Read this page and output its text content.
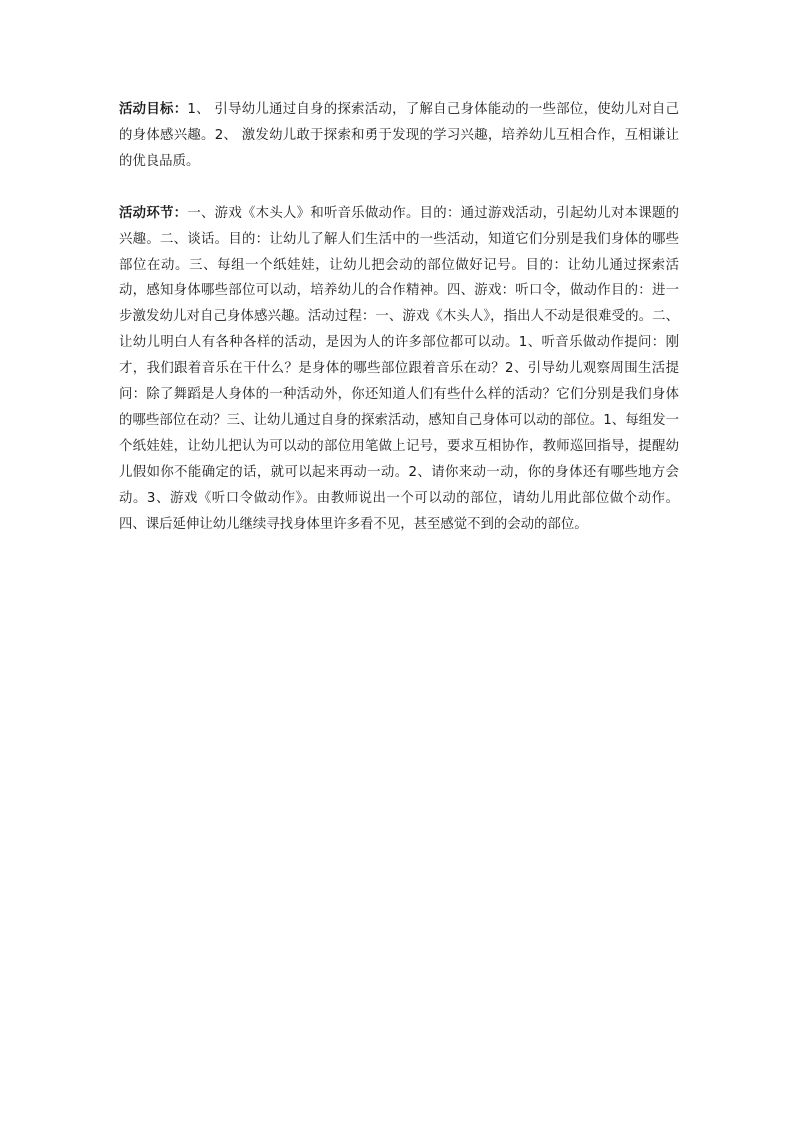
活动目标：1、 引导幼儿通过自身的探索活动，了解自己身体能动的一些部位，使幼儿对自己的身体感兴趣。2、 激发幼儿敢于探索和勇于发现的学习兴趣，培养幼儿互相合作，互相谦让的优良品质。

活动环节：一、游戏《木头人》和听音乐做动作。目的：通过游戏活动，引起幼儿对本课题的兴趣。二、谈话。目的：让幼儿了解人们生活中的一些活动，知道它们分别是我们身体的哪些部位在动。三、每组一个纸娃娃，让幼儿把会动的部位做好记号。目的：让幼儿通过探索活动，感知身体哪些部位可以动，培养幼儿的合作精神。四、游戏：听口令，做动作目的：进一步激发幼儿对自己身体感兴趣。活动过程：一、游戏《木头人》，指出人不动是很难受的。二、让幼儿明白人有各种各样的活动，是因为人的许多部位都可以动。1、听音乐做动作提问：刚才，我们跟着音乐在干什么？是身体的哪些部位跟着音乐在动？2、引导幼儿观察周围生活提问：除了舞蹈是人身体的一种活动外，你还知道人们有些什么样的活动？它们分别是我们身体的哪些部位在动？三、让幼儿通过自身的探索活动，感知自己身体可以动的部位。1、每组发一个纸娃娃，让幼儿把认为可以动的部位用笔做上记号，要求互相协作，教师巡回指导，提醒幼儿假如你不能确定的话，就可以起来再动一动。2、请你来动一动，你的身体还有哪些地方会动。3、游戏《听口令做动作》。由教师说出一个可以动的部位，请幼儿用此部位做个动作。四、课后延伸让幼儿继续寻找身体里许多看不见，甚至感觉不到的会动的部位。
